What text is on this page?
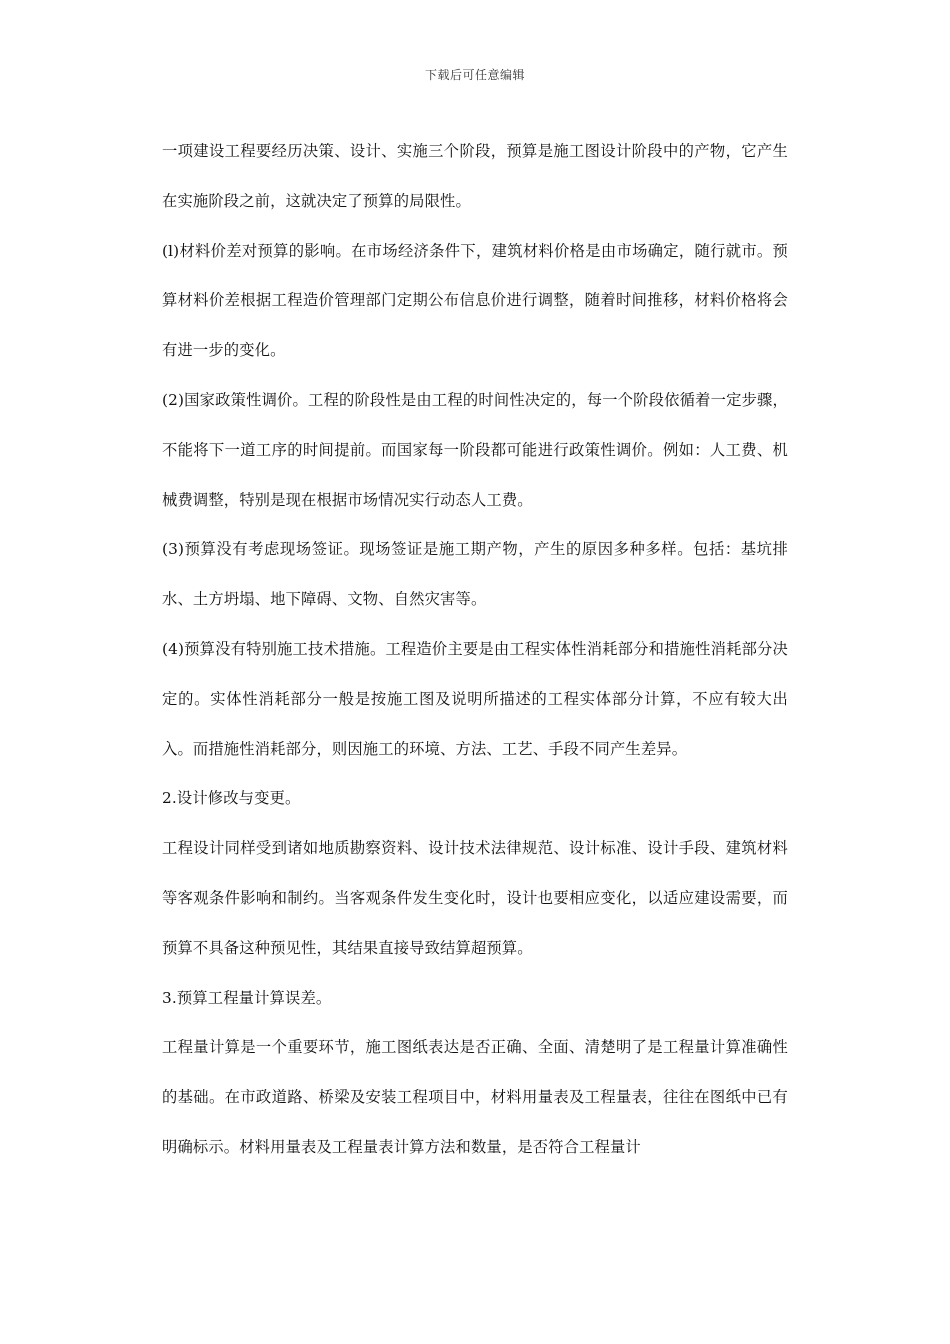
下载后可任意编辑

一项建设工程要经历决策、设计、实施三个阶段，预算是施工图设计阶段中的产物，它产生在实施阶段之前，这就决定了预算的局限性。

(l)材料价差对预算的影响。在市场经济条件下，建筑材料价格是由市场确定，随行就市。预算材料价差根据工程造价管理部门定期公布信息价进行调整，随着时间推移，材料价格将会有进一步的变化。

(2)国家政策性调价。工程的阶段性是由工程的时间性决定的，每一个阶段依循着一定步骤，不能将下一道工序的时间提前。而国家每一阶段都可能进行政策性调价。例如：人工费、机械费调整，特别是现在根据市场情况实行动态人工费。

(3)预算没有考虑现场签证。现场签证是施工期产物，产生的原因多种多样。包括：基坑排水、土方坍塌、地下障碍、文物、自然灾害等。

(4)预算没有特别施工技术措施。工程造价主要是由工程实体性消耗部分和措施性消耗部分决定的。实体性消耗部分一般是按施工图及说明所描述的工程实体部分计算，不应有较大出入。而措施性消耗部分，则因施工的环境、方法、工艺、手段不同产生差异。

2.设计修改与变更。

工程设计同样受到诸如地质勘察资料、设计技术法律规范、设计标准、设计手段、建筑材料等客观条件影响和制约。当客观条件发生变化时，设计也要相应变化，以适应建设需要，而预算不具备这种预见性，其结果直接导致结算超预算。

3.预算工程量计算误差。

工程量计算是一个重要环节，施工图纸表达是否正确、全面、清楚明了是工程量计算准确性的基础。在市政道路、桥梁及安装工程项目中，材料用量表及工程量表，往往在图纸中已有明确标示。材料用量表及工程量表计算方法和数量，是否符合工程量计
